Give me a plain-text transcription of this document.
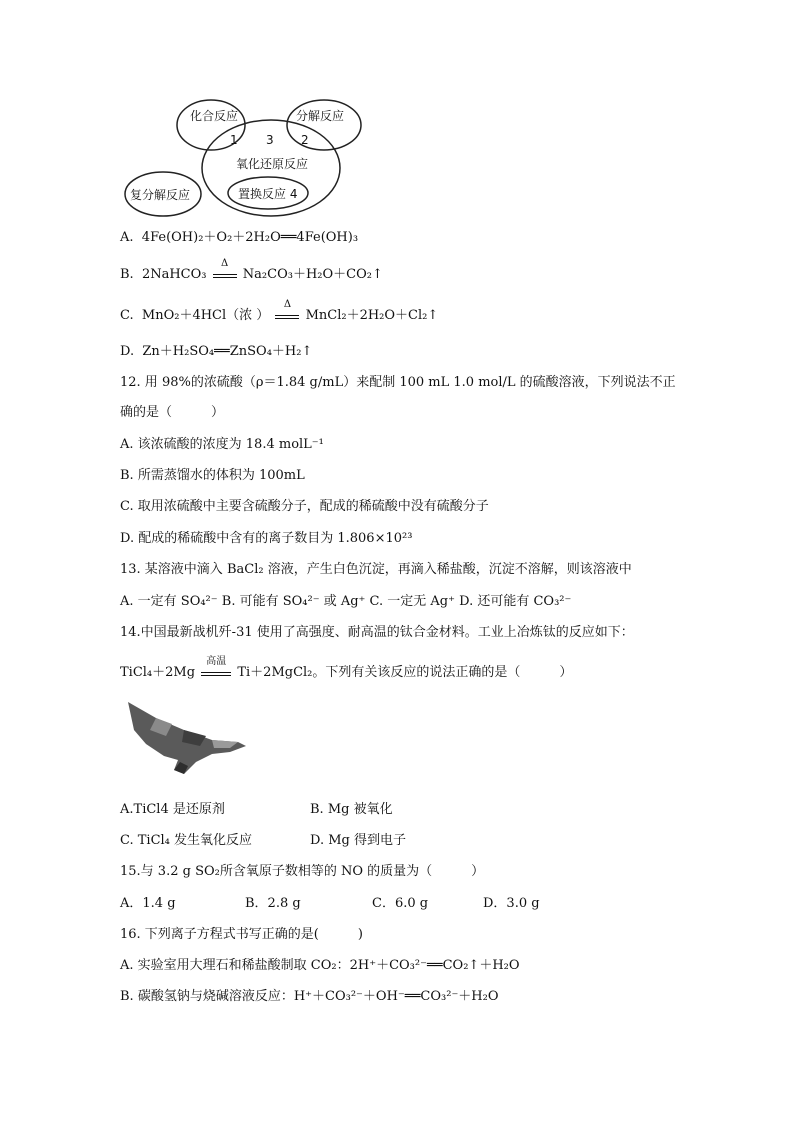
化合反应	分解反应
氧化还原反应
复分解反应	置换反应 4
1 3 2
A. 4Fe(OH)₂＋O₂＋2H₂O══4Fe(OH)₃
B. 2NaHCO₃
Δ
Na₂CO₃＋H₂O＋CO₂↑
C. MnO₂＋4HCl（浓 ）
Δ
MnCl₂＋2H₂O＋Cl₂↑
D. Zn＋H₂SO₄══ZnSO₄＋H₂↑
12. 用 98%的浓硫酸（ρ＝1.84 g/mL）来配制 100 mL 1.0 mol/L 的硫酸溶液，下列说法不正
确的是（　　　）
A. 该浓硫酸的浓度为 18.4 molL⁻¹
B. 所需蒸馏水的体积为 100mL
C. 取用浓硫酸中主要含硫酸分子，配成的稀硫酸中没有硫酸分子
D. 配成的稀硫酸中含有的离子数目为 1.806×10²³
13. 某溶液中滴入 BaCl₂ 溶液，产生白色沉淀，再滴入稀盐酸，沉淀不溶解，则该溶液中
A. 一定有 SO₄²⁻ B. 可能有 SO₄²⁻ 或 Ag⁺ C. 一定无 Ag⁺ D. 还可能有 CO₃²⁻
14.中国最新战机歼-31 使用了高强度、耐高温的钛合金材料。工业上冶炼钛的反应如下：
TiCl₄＋2Mg
高温
Ti＋2MgCl₂。下列有关该反应的说法正确的是（　　　）
A.TiCl4 是还原剂	B. Mg 被氧化
C. TiCl₄ 发生氧化反应	D. Mg 得到电子
15.与 3.2 g SO₂所含氧原子数相等的 NO 的质量为（　　　）
A．1.4 g	B．2.8 g	C．6.0 g	D．3.0 g
16. 下列离子方程式书写正确的是(　　　)
A. 实验室用大理石和稀盐酸制取 CO₂：2H⁺＋CO₃²⁻══CO₂↑＋H₂O
B. 碳酸氢钠与烧碱溶液反应：H⁺＋CO₃²⁻＋OH⁻══CO₃²⁻＋H₂O
